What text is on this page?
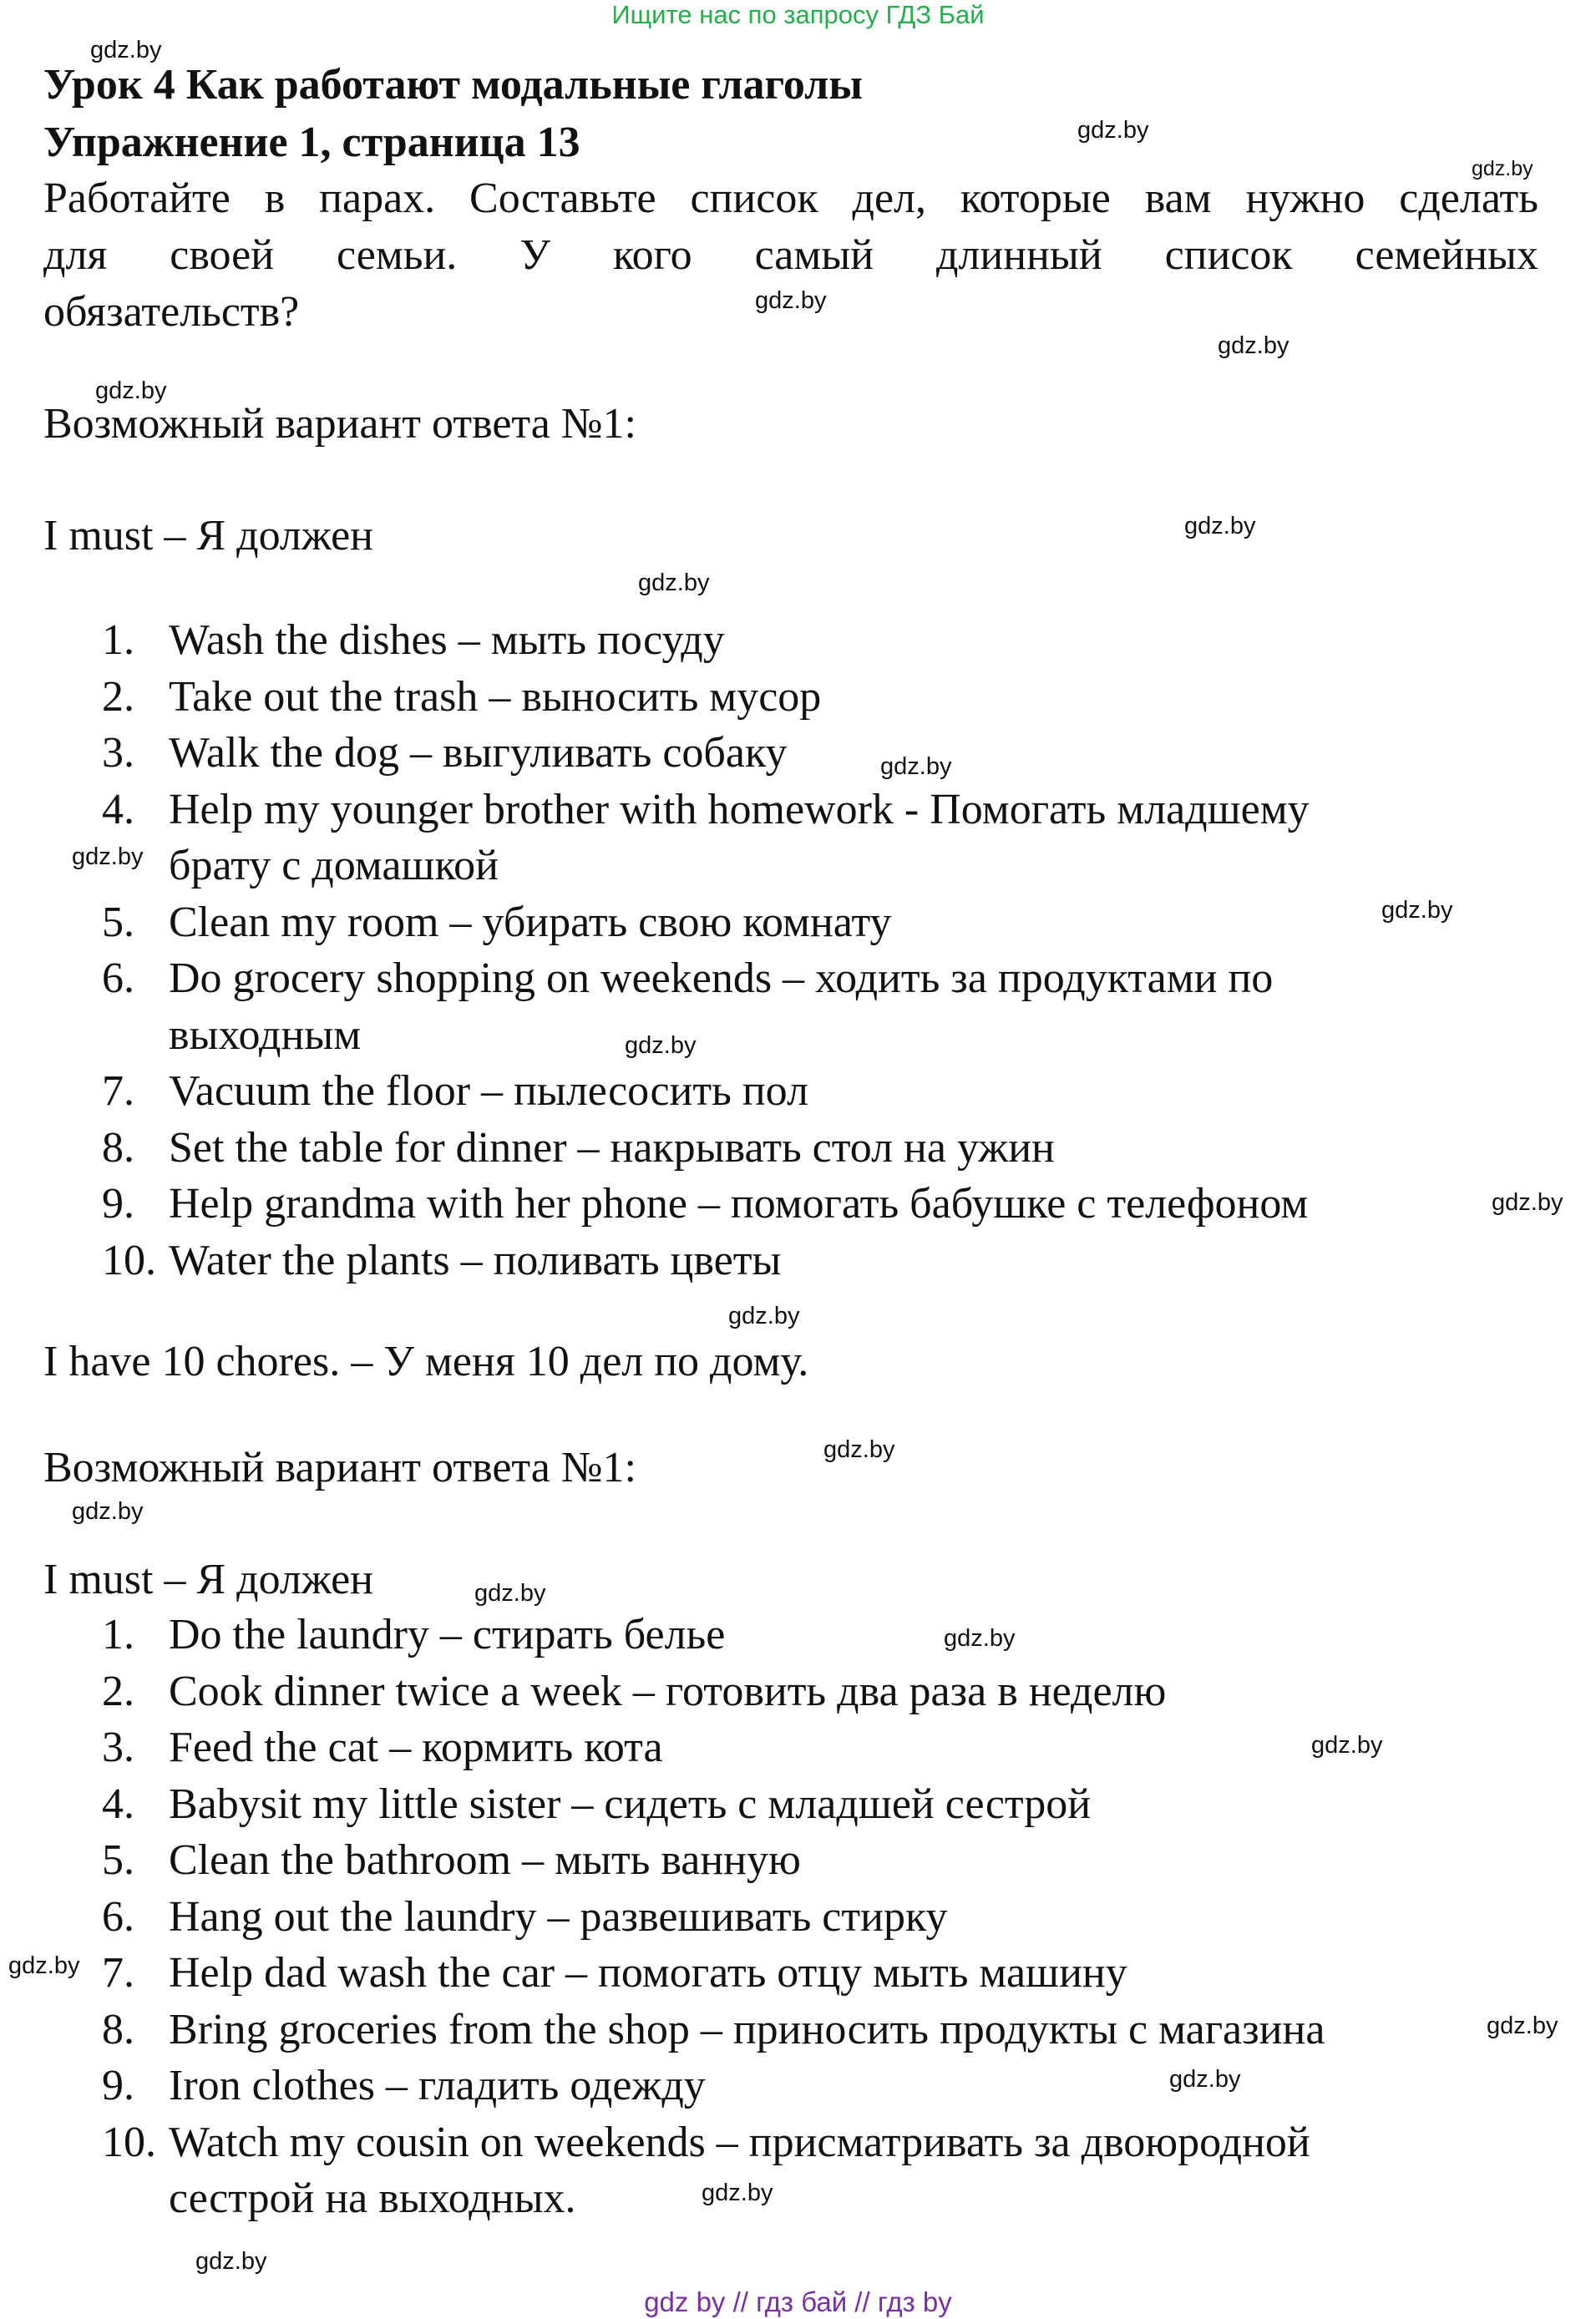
Ищите нас по запросу ГДЗ Бай
Урок 4 Как работают модальные глаголы
Упражнение 1, страница 13
Работайте в парах. Составьте список дел, которые вам нужно сделать
для своей семьи. У кого самый длинный список семейных
обязательств?
Возможный вариант ответа №1:
I must – Я должен
1. Wash the dishes – мыть посуду
2. Take out the trash – выносить мусор
3. Walk the dog – выгуливать собаку
4. Help my younger brother with homework - Помогать младшему
брату с домашкой
5. Clean my room – убирать свою комнату
6. Do grocery shopping on weekends – ходить за продуктами по
выходным
7. Vacuum the floor – пылесосить пол
8. Set the table for dinner – накрывать стол на ужин
9. Help grandma with her phone – помогать бабушке с телефоном
10. Water the plants – поливать цветы
I have 10 chores. – У меня 10 дел по дому.
Возможный вариант ответа №1:
I must – Я должен
1. Do the laundry – стирать белье
2. Cook dinner twice a week – готовить два раза в неделю
3. Feed the cat – кормить кота
4. Babysit my little sister – сидеть с младшей сестрой
5. Clean the bathroom – мыть ванную
6. Hang out the laundry – развешивать стирку
7. Help dad wash the car – помогать отцу мыть машину
8. Bring groceries from the shop – приносить продукты с магазина
9. Iron clothes – гладить одежду
10. Watch my cousin on weekends – присматривать за двоюродной
сестрой на выходных.
gdz.by
gdz.by
gdz.by
gdz.by
gdz.by
gdz.by
gdz.by
gdz.by
gdz.by
gdz.by
gdz.by
gdz.by
gdz.by
gdz.by
gdz.by
gdz.by
gdz.by
gdz.by
gdz.by
gdz.by
gdz.by
gdz.by
gdz.by
gdz.by
gdz by // гдз бай // гдз by
